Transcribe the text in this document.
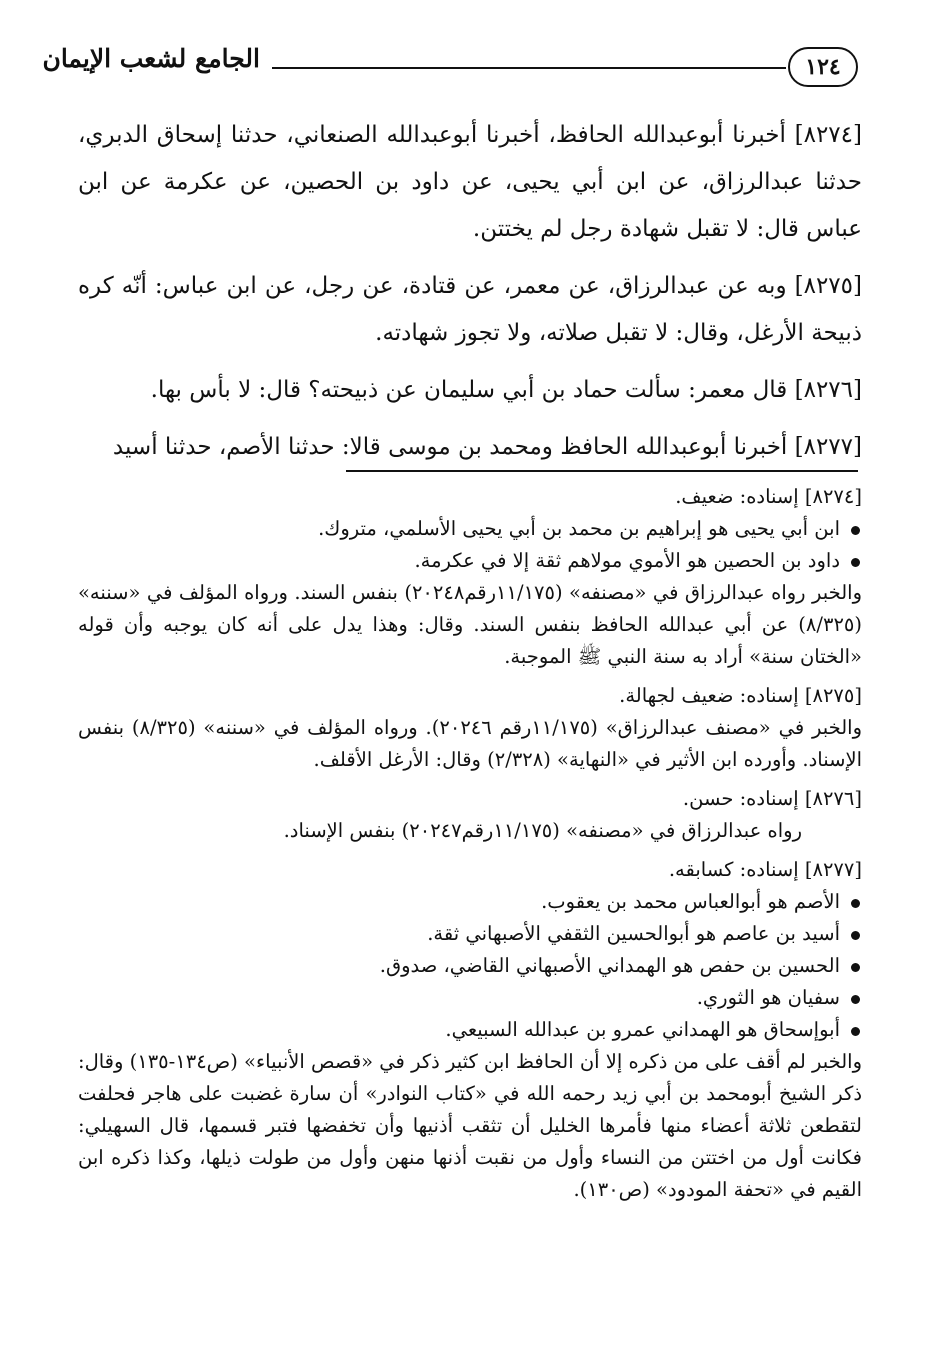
١٢٤
الجامع لشعب الإيمان

[٨٢٧٤] أخبرنا أبوعبدالله الحافظ، أخبرنا أبوعبدالله الصنعاني، حدثنا إسحاق الدبري، حدثنا عبدالرزاق، عن ابن أبي يحيى، عن داود بن الحصين، عن عكرمة عن ابن عباس قال: لا تقبل شهادة رجل لم يختتن.

[٨٢٧٥] وبه عن عبدالرزاق، عن معمر، عن قتادة، عن رجل، عن ابن عباس: أنّه كره ذبيحة الأرغل، وقال: لا تقبل صلاته، ولا تجوز شهادته.

[٨٢٧٦] قال معمر: سألت حماد بن أبي سليمان عن ذبيحته؟ قال: لا بأس بها.

[٨٢٧٧] أخبرنا أبوعبدالله الحافظ ومحمد بن موسى قالا: حدثنا الأصم، حدثنا أسيد

[٨٢٧٤] إسناده: ضعيف.

ابن أبي يحيى هو إبراهيم بن محمد بن أبي يحيى الأسلمي، متروك.

داود بن الحصين هو الأموي مولاهم ثقة إلا في عكرمة.

والخبر رواه عبدالرزاق في «مصنفه» (١١/١٧٥رقم٢٠٢٤٨) بنفس السند. ورواه المؤلف في «سننه» (٨/٣٢٥) عن أبي عبدالله الحافظ بنفس السند. وقال: وهذا يدل على أنه كان يوجبه وأن قوله «الختان سنة» أراد به سنة النبي ﷺ الموجبة.

[٨٢٧٥] إسناده: ضعيف لجهالة.

والخبر في «مصنف عبدالرزاق» (١١/١٧٥رقم ٢٠٢٤٦). ورواه المؤلف في «سننه» (٨/٣٢٥) بنفس الإسناد. وأورده ابن الأثير في «النهاية» (٢/٣٢٨) وقال: الأرغل الأقلف.

[٨٢٧٦] إسناده: حسن.

رواه عبدالرزاق في «مصنفه» (١١/١٧٥رقم٢٠٢٤٧) بنفس الإسناد.

[٨٢٧٧] إسناده: كسابقه.

الأصم هو أبوالعباس محمد بن يعقوب.

أسيد بن عاصم هو أبوالحسين الثقفي الأصبهاني ثقة.

الحسين بن حفص هو الهمداني الأصبهاني القاضي، صدوق.

سفيان هو الثوري.

أبوإسحاق هو الهمداني عمرو بن عبدالله السبيعي.

والخبر لم أقف على من ذكره إلا أن الحافظ ابن كثير ذكر في «قصص الأنبياء» (ص١٣٤-١٣٥) وقال: ذكر الشيخ أبومحمد بن أبي زيد رحمه الله في «كتاب النوادر» أن سارة غضبت على هاجر فحلفت لتقطعن ثلاثة أعضاء منها فأمرها الخليل أن تثقب أذنيها وأن تخفضها فتبر قسمها، قال السهيلي: فكانت أول من اختتن من النساء وأول من نقبت أذنها منهن وأول من طولت ذيلها، وكذا ذكره ابن القيم في «تحفة المودود» (ص١٣٠).
